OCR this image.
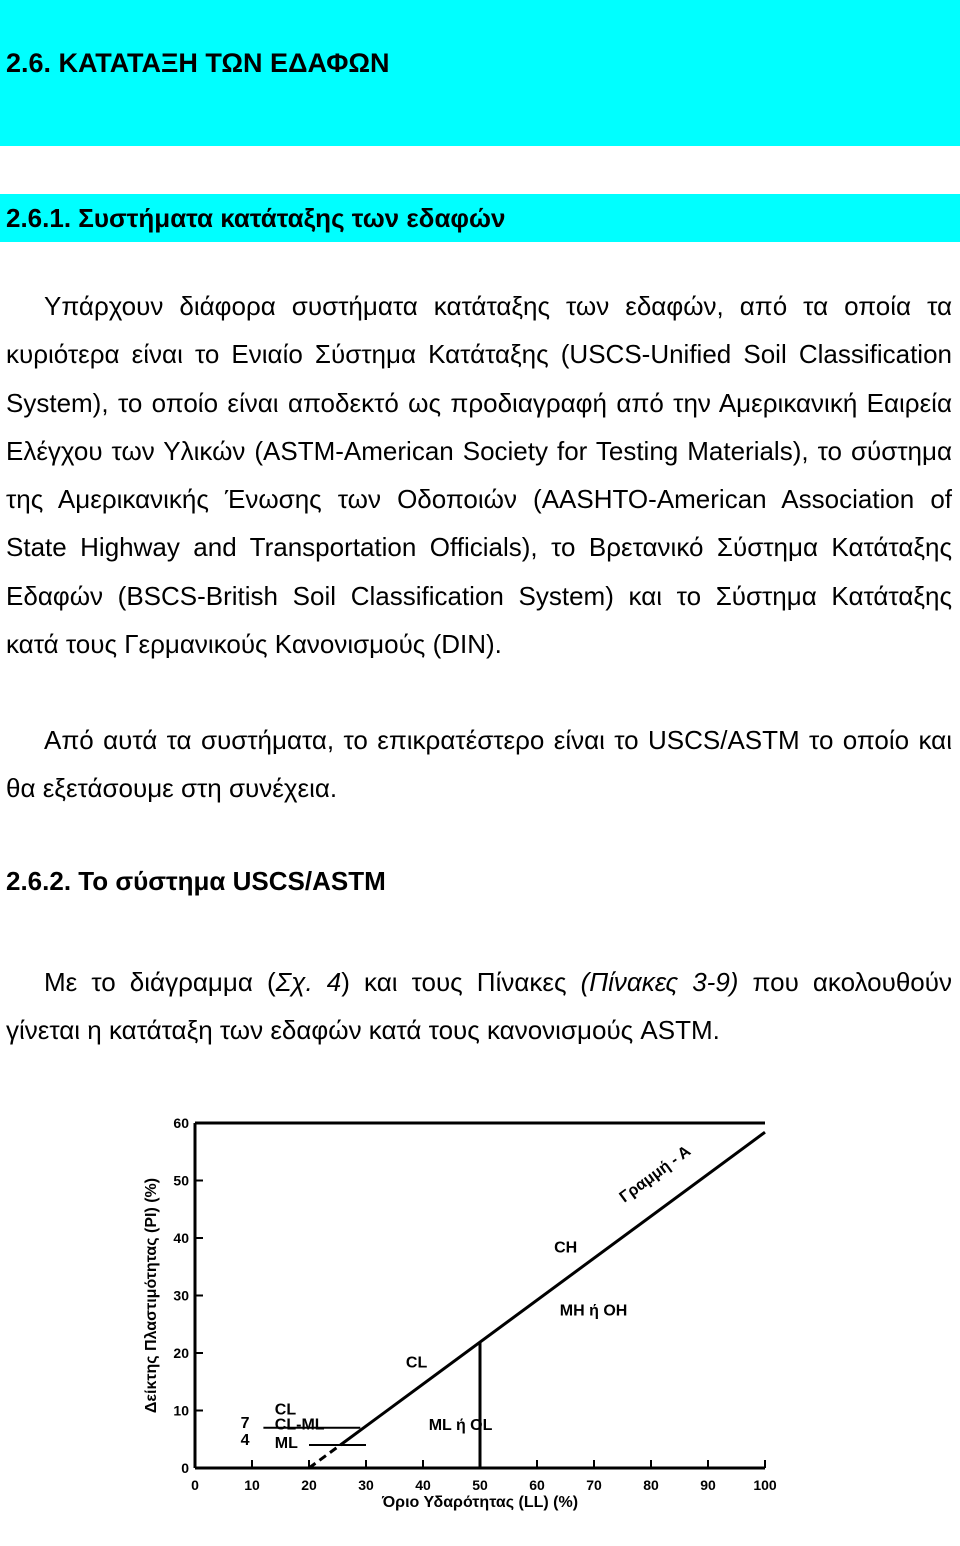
2.6. ΚΑΤΑΤΑΞΗ ΤΩΝ ΕΔΑΦΩΝ
2.6.1. Συστήματα κατάταξης των εδαφών

Υπάρχουν διάφορα συστήματα κατάταξης των εδαφών, από τα οποία τα κυριότερα είναι το Ενιαίο Σύστημα Κατάταξης (USCS-Unified Soil Classification System), το οποίο είναι αποδεκτό ως προδιαγραφή από την Αμερικανική Εαιρεία Ελέγχου των Υλικών (ASTM-American Society for Testing Materials), το σύστημα της Αμερικανικής Ένωσης των Οδοποιών (AASHTO-American Association of State Highway and Transportation Officials), το Βρετανικό Σύστημα Κατάταξης Εδαφών (BSCS-British Soil Classification System) και το Σύστημα Κατάταξης κατά τους Γερμανικούς Κανονισμούς (DIN).

Από αυτά τα συστήματα, το επικρατέστερο είναι το USCS/ASTM το οποίο και θα εξετάσουμε στη συνέχεια.

2.6.2. Το σύστημα USCS/ASTM

Με το διάγραμμα (Σχ. 4) και τους Πίνακες (Πίνακες 3-9) που ακολουθούν γίνεται η κατάταξη των εδαφών κατά τους κανονισμούς ASTM.

0	10	20	30	40	50	60	70	80	90	100
0
10
20
30
40
50
60
CH
MH ή OH
CL
ML ή OL
CL
CL-ML
ML
7
4
Όριο Υδαρότητας (LL) (%)
Δείκτης Πλαστιμότητας (PI) (%)
Γραμμή - Α
